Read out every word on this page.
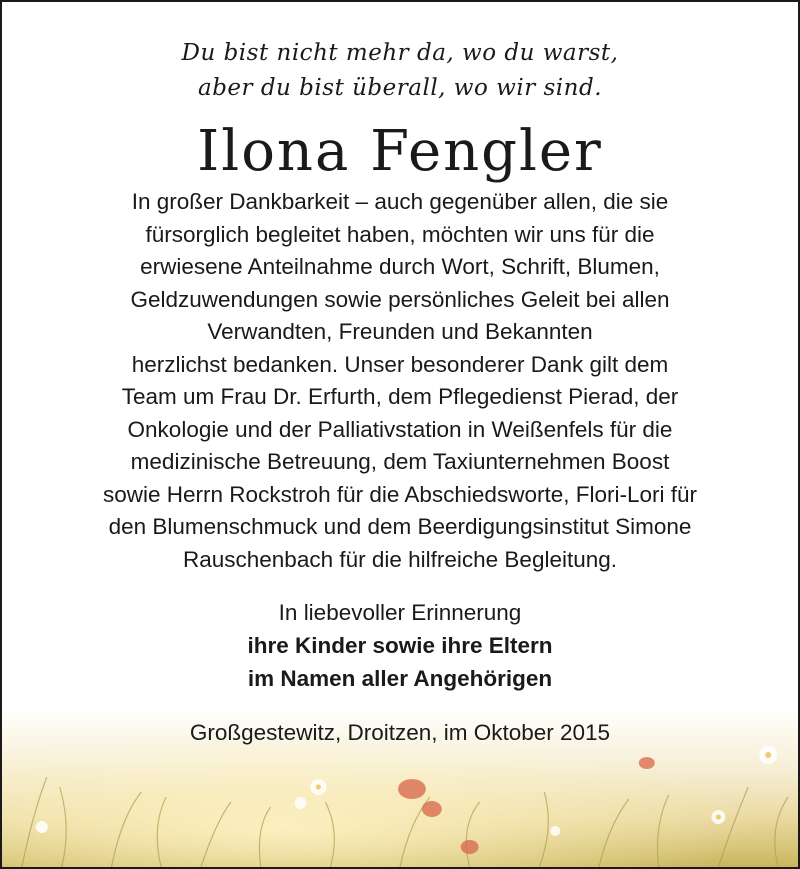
Du bist nicht mehr da, wo du warst,
aber du bist überall, wo wir sind.

Ilona Fengler

In großer Dankbarkeit – auch gegenüber allen, die sie
fürsorglich begleitet haben, möchten wir uns für die
erwiesene Anteilnahme durch Wort, Schrift, Blumen,
Geldzuwendungen sowie persönliches Geleit bei allen
Verwandten, Freunden und Bekannten
herzlichst bedanken. Unser besonderer Dank gilt dem
Team um Frau Dr. Erfurth, dem Pflegedienst Pierad, der
Onkologie und der Palliativstation in Weißenfels für die
medizinische Betreuung, dem Taxiunternehmen Boost
sowie Herrn Rockstroh für die Abschiedsworte, Flori-Lori für
den Blumenschmuck und dem Beerdigungsinstitut Simone
Rauschenbach für die hilfreiche Begleitung.

In liebevoller Erinnerung
ihre Kinder sowie ihre Eltern
im Namen aller Angehörigen
Großgestewitz, Droitzen, im Oktober 2015
